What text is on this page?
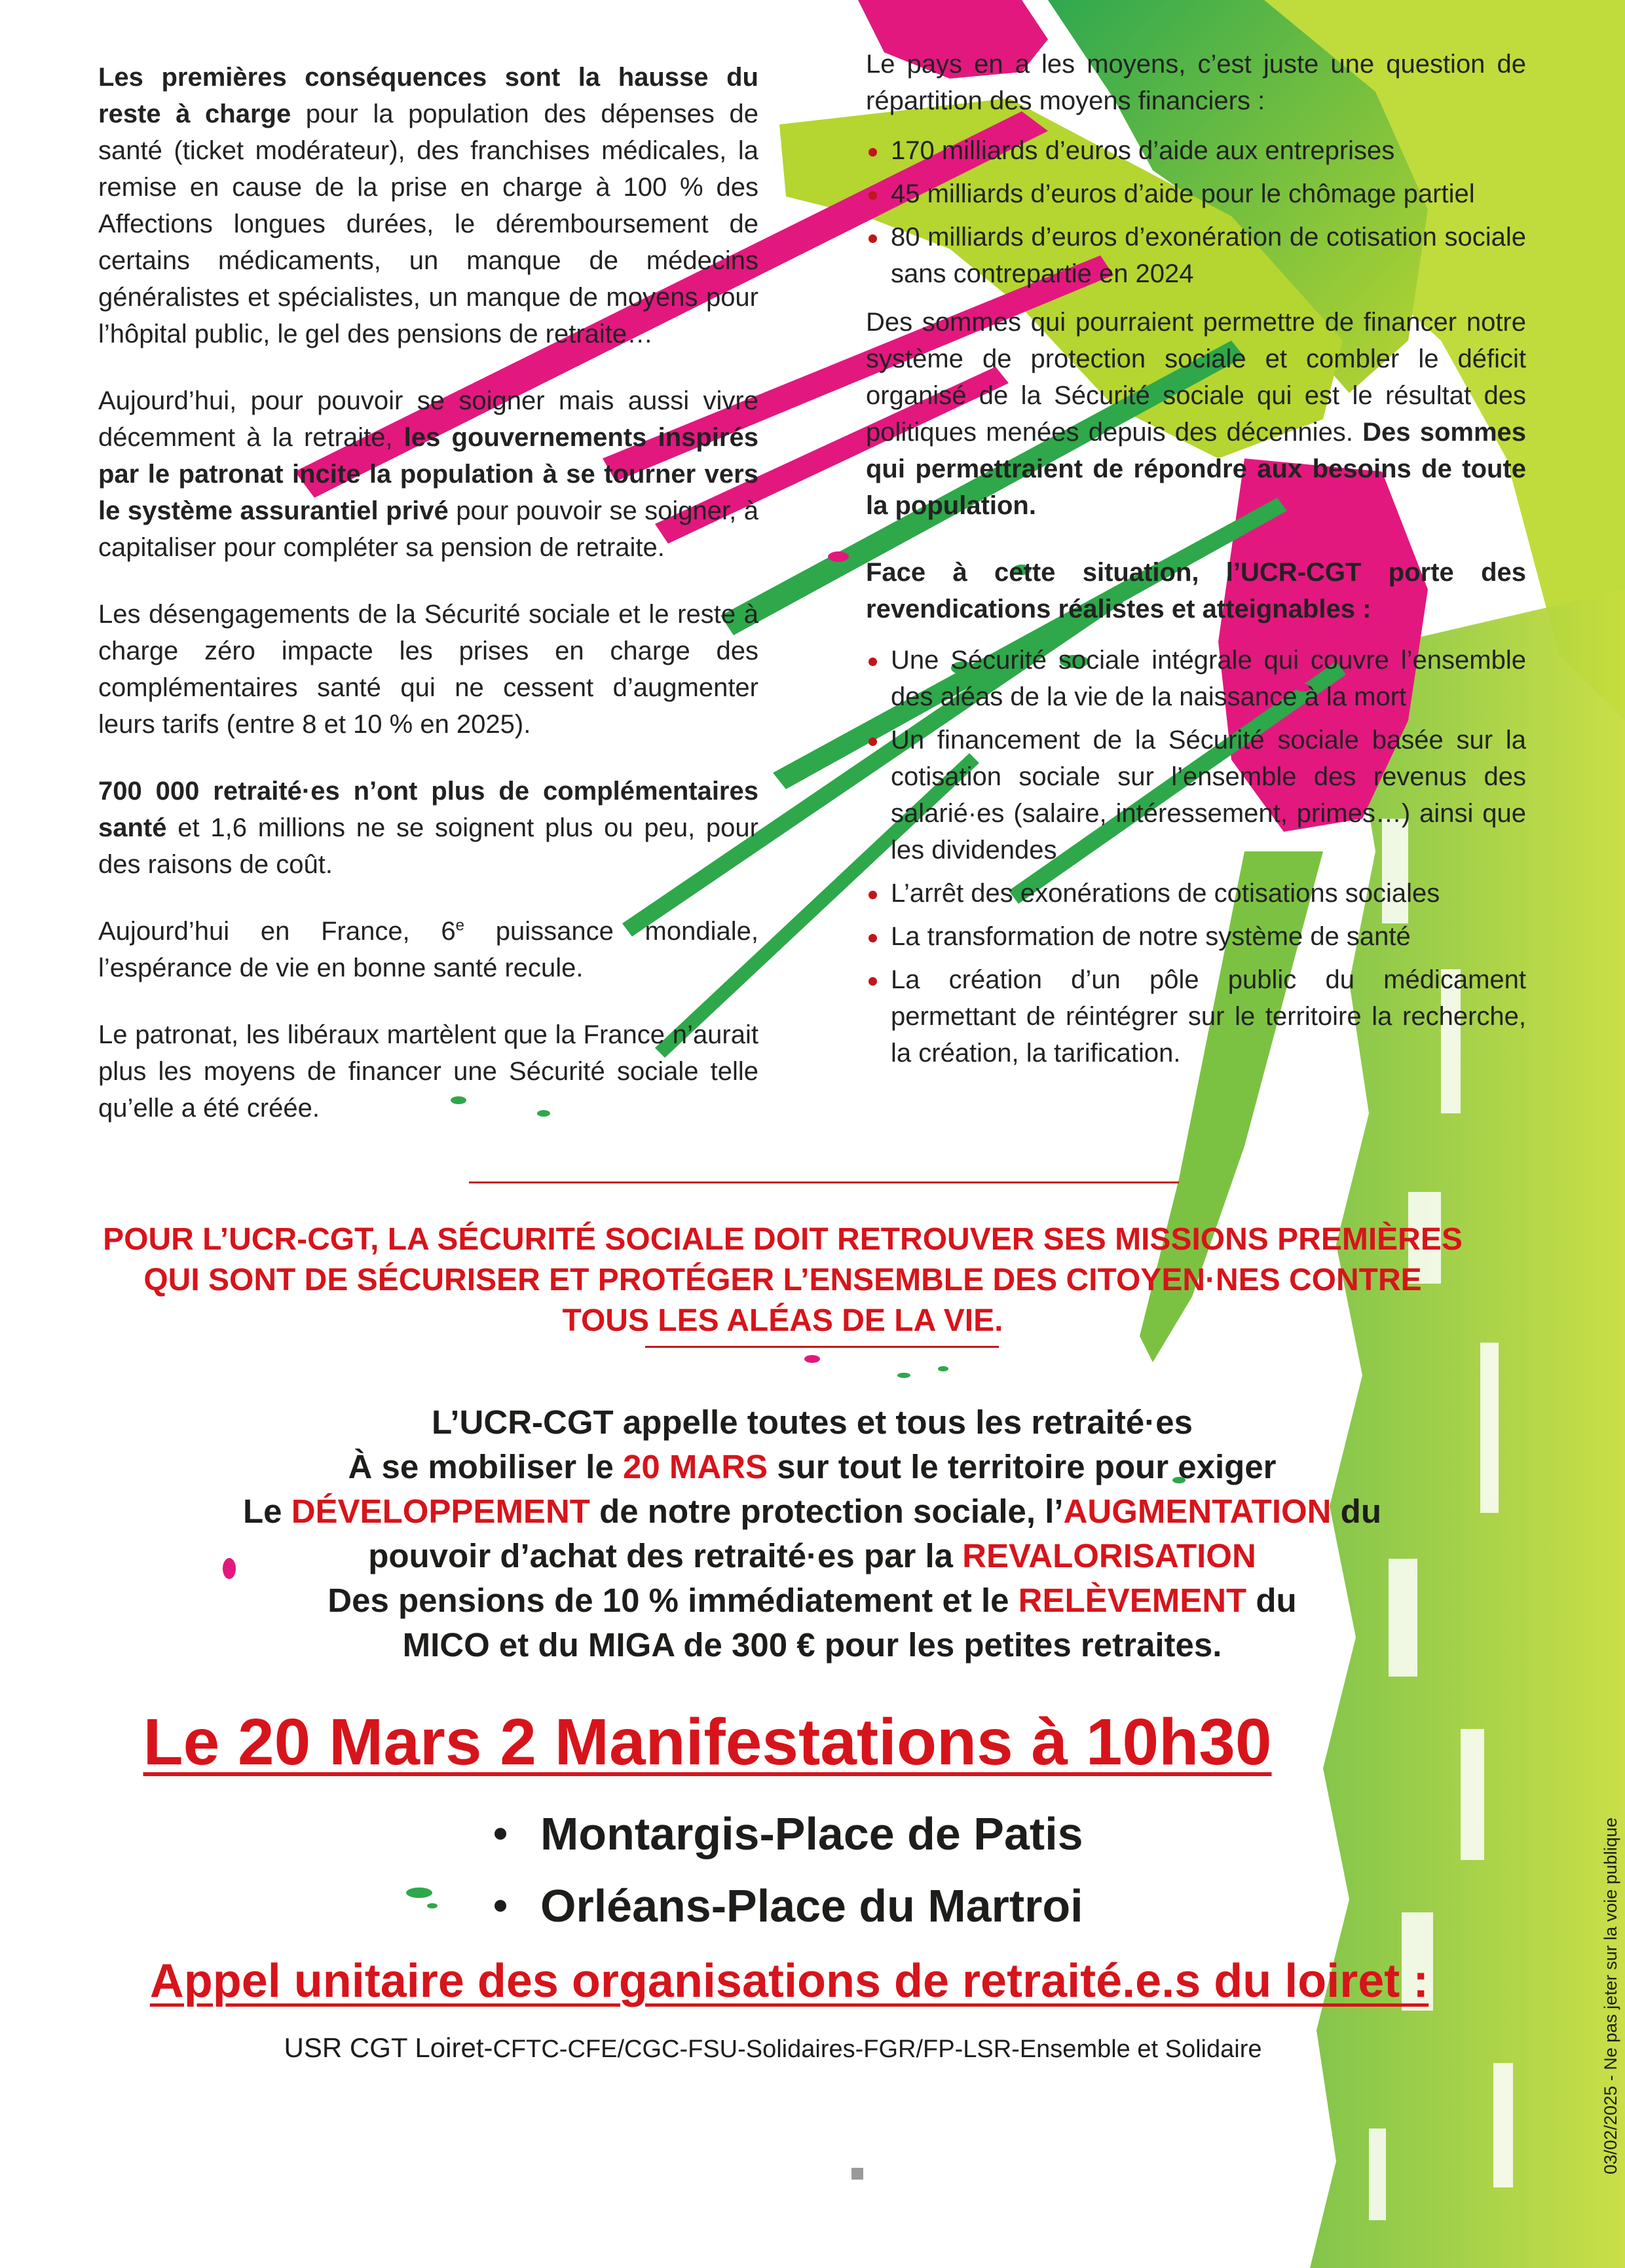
Les premières conséquences sont la hausse du reste à charge pour la population des dépenses de santé (ticket modérateur), des franchises médicales, la remise en cause de la prise en charge à 100 % des Affections longues durées, le déremboursement de certains médicaments, un manque de médecins généralistes et spécialistes, un manque de moyens pour l’hôpital public, le gel des pensions de retraite…

Aujourd’hui, pour pouvoir se soigner mais aussi vivre décemment à la retraite, les gouvernements inspirés par le patronat incite la population à se tourner vers le système assurantiel privé pour pouvoir se soigner, à capitaliser pour compléter sa pension de retraite.

Les désengagements de la Sécurité sociale et le reste à charge zéro impacte les prises en charge des complémentaires santé qui ne cessent d’augmenter leurs tarifs (entre 8 et 10 % en 2025).

700 000 retraité·es n’ont plus de complémentaires santé et 1,6 millions ne se soignent plus ou peu, pour des raisons de coût.

Aujourd’hui en France, 6e puissance mondiale, l’espérance de vie en bonne santé recule.

Le patronat, les libéraux martèlent que la France n’aurait plus les moyens de financer une Sécurité sociale telle qu’elle a été créée.

Le pays en a les moyens, c’est juste une question de répartition des moyens financiers :

170 milliards d’euros d’aide aux entreprises
45 milliards d’euros d’aide pour le chômage partiel
80 milliards d’euros d’exonération de cotisation sociale sans contrepartie en 2024

Des sommes qui pourraient permettre de financer notre système de protection sociale et combler le déficit organisé de la Sécurité sociale qui est le résultat des politiques menées depuis des décennies. Des sommes qui permettraient de répondre aux besoins de toute la population.

Face à cette situation, l’UCR-CGT porte des revendications réalistes et atteignables :

Une Sécurité sociale intégrale qui couvre l’ensemble des aléas de la vie de la naissance à la mort
Un financement de la Sécurité sociale basée sur la cotisation sociale sur l’ensemble des revenus des salarié·es (salaire, intéressement, primes…) ainsi que les dividendes
L’arrêt des exonérations de cotisations sociales
La transformation de notre système de santé
La création d’un pôle public du médicament permettant de réintégrer sur le territoire la recherche, la création, la tarification.
POUR L’UCR-CGT, LA SÉCURITÉ SOCIALE DOIT RETROUVER SES MISSIONS PREMIÈRES
QUI SONT DE SÉCURISER ET PROTÉGER L’ENSEMBLE DES CITOYEN·NES CONTRE
TOUS LES ALÉAS DE LA VIE.
L’UCR-CGT appelle toutes et tous les retraité·es
À se mobiliser le 20 MARS sur tout le territoire pour exiger
Le DÉVELOPPEMENT de notre protection sociale, l’AUGMENTATION du
pouvoir d’achat des retraité·es par la REVALORISATION
Des pensions de 10 % immédiatement et le RELÈVEMENT du
MICO et du MIGA de 300 € pour les petites retraites.
Le 20 Mars 2 Manifestations à 10h30
Montargis-Place de Patis
Orléans-Place du Martroi
Appel unitaire des organisations de retraité.e.s du loiret :
USR CGT Loiret-CFTC-CFE/CGC-FSU-Solidaires-FGR/FP-LSR-Ensemble et Solidaire	03/02/2025 - Ne pas jeter sur la voie publique
